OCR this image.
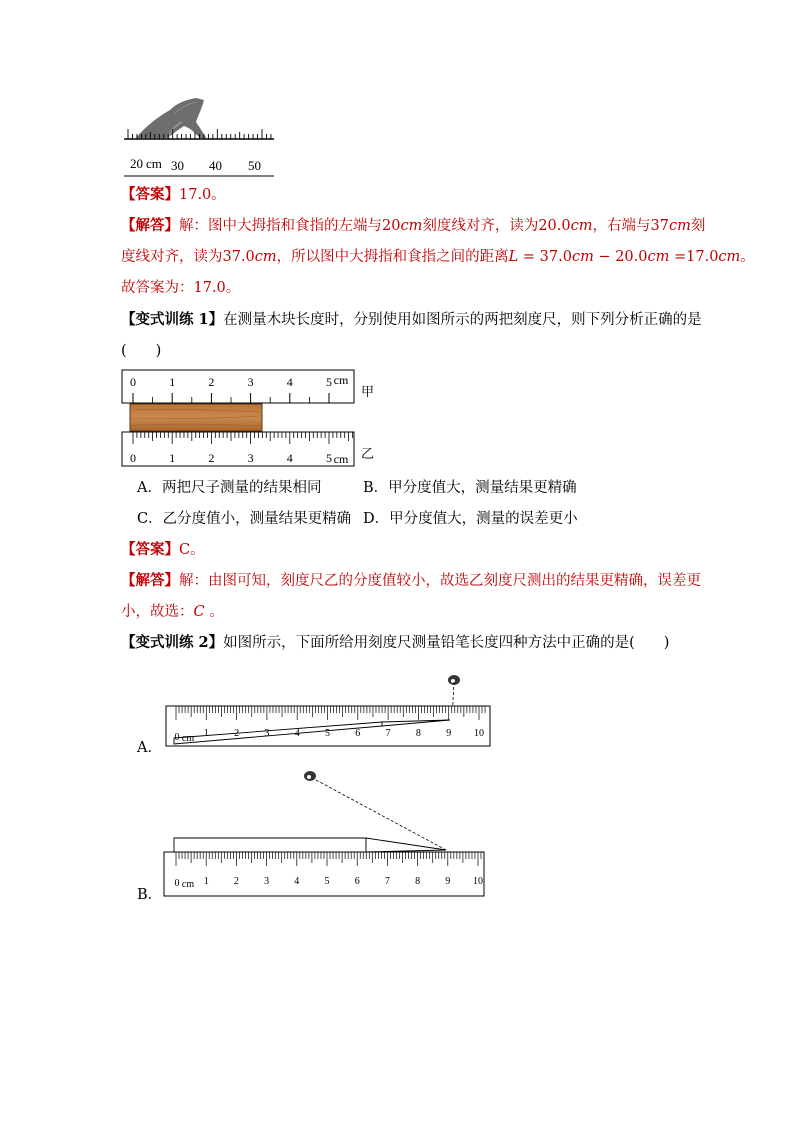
20 cm 30 40 50
【答案】17.0。
【解答】解：图中大拇指和食指的左端与20cm刻度线对齐，读为20.0cm，右端与37cm刻
度线对齐，读为37.0cm，所以图中大拇指和食指之间的距离L = 37.0cm − 20.0cm =17.0cm。
故答案为：17.0。
【变式训练 1】在测量木块长度时，分别使用如图所示的两把刻度尺，则下列分析正确的是
(　　)
0	1	2	3	4	5 cm
甲
0	1	2	3	4	5 cm 乙
A．两把尺子测量的结果相同	B．甲分度值大，测量结果更精确
C．乙分度值小，测量结果更精确 D．甲分度值大，测量的误差更小
【答案】C。
【解答】解：由图可知，刻度尺乙的分度值较小，故选乙刻度尺测出的结果更精确，误差更
小，故选：C 。
【变式训练 2】如图所示，下面所给用刻度尺测量铅笔长度四种方法中正确的是(　　)
0 cm 1	2	3	4	5	6	7	8	9 10
A．
0 cm 1	2	3	4	5	6	7	8	9 10
B．
